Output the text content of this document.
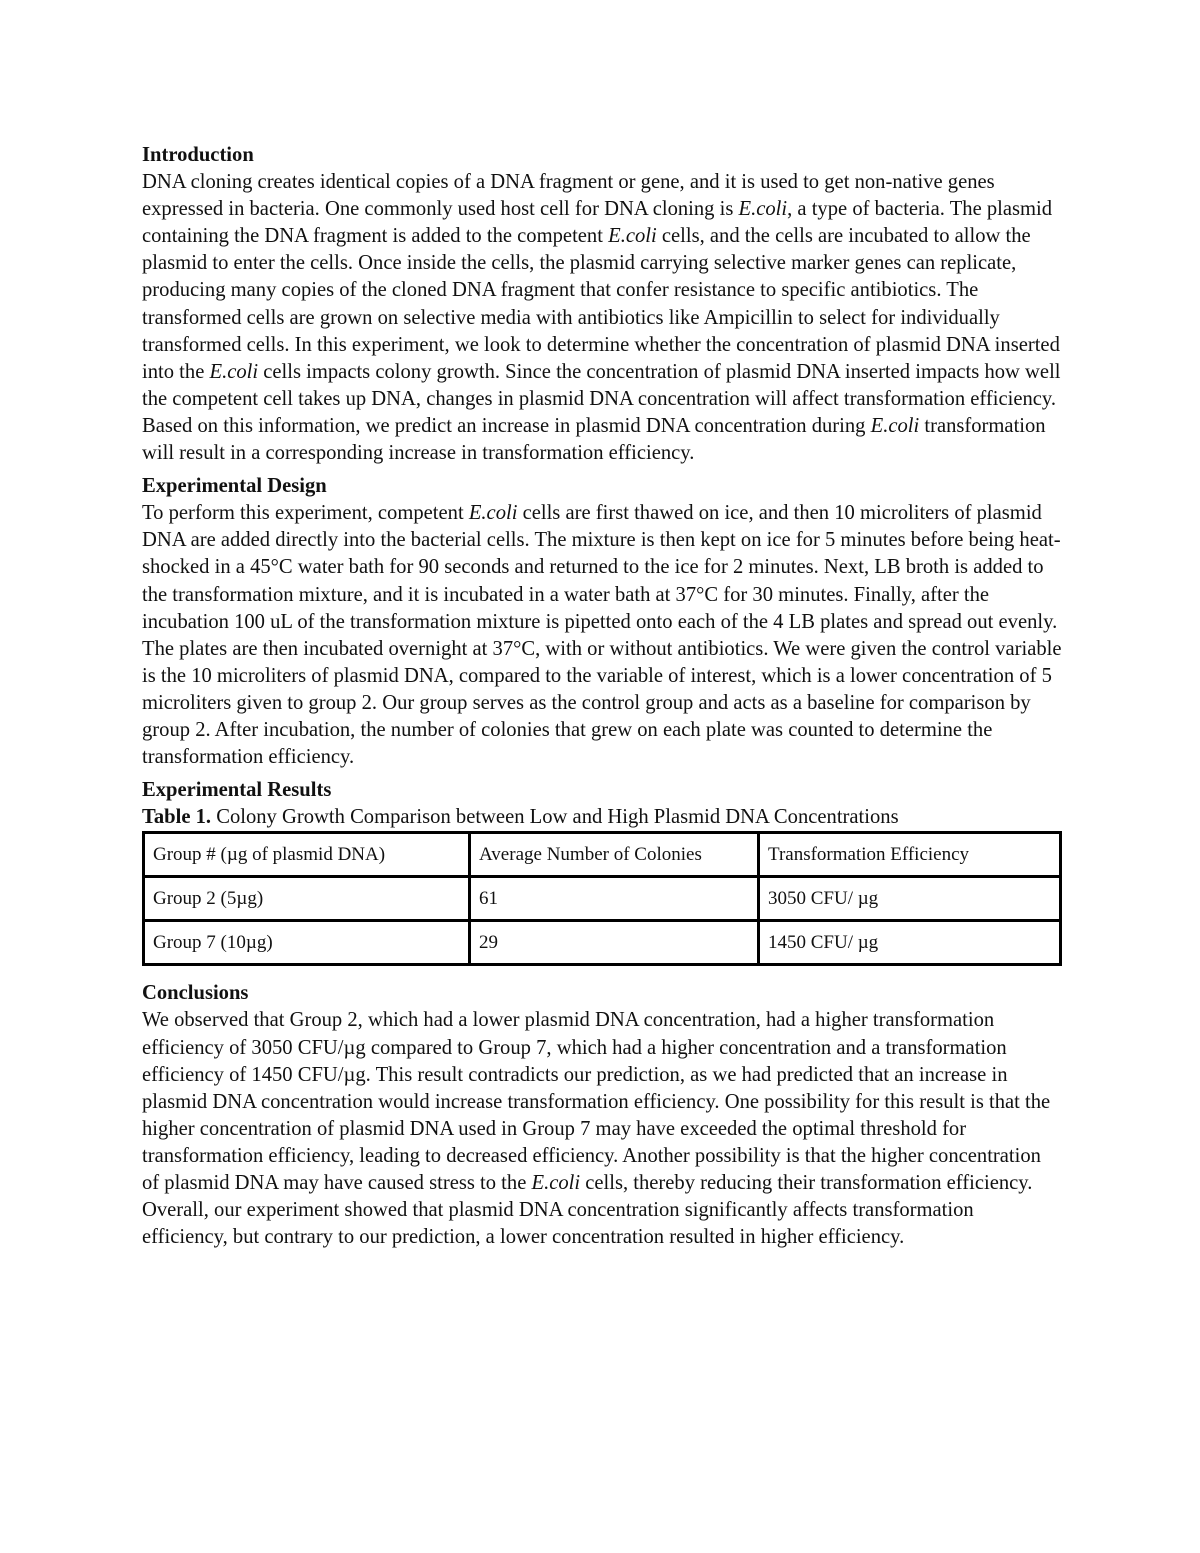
Introduction

DNA cloning creates identical copies of a DNA fragment or gene, and it is used to get non-native genes expressed in bacteria. One commonly used host cell for DNA cloning is E.coli, a type of bacteria. The plasmid containing the DNA fragment is added to the competent E.coli cells, and the cells are incubated to allow the plasmid to enter the cells. Once inside the cells, the plasmid carrying selective marker genes can replicate, producing many copies of the cloned DNA fragment that confer resistance to specific antibiotics. The transformed cells are grown on selective media with antibiotics like Ampicillin to select for individually transformed cells. In this experiment, we look to determine whether the concentration of plasmid DNA inserted into the E.coli cells impacts colony growth. Since the concentration of plasmid DNA inserted impacts how well the competent cell takes up DNA, changes in plasmid DNA concentration will affect transformation efficiency. Based on this information, we predict an increase in plasmid DNA concentration during E.coli transformation will result in a corresponding increase in transformation efficiency.

Experimental Design

To perform this experiment, competent E.coli cells are first thawed on ice, and then 10 microliters of plasmid DNA are added directly into the bacterial cells. The mixture is then kept on ice for 5 minutes before being heat-shocked in a 45°C water bath for 90 seconds and returned to the ice for 2 minutes. Next, LB broth is added to the transformation mixture, and it is incubated in a water bath at 37°C for 30 minutes. Finally, after the incubation 100 uL of the transformation mixture is pipetted onto each of the 4 LB plates and spread out evenly. The plates are then incubated overnight at 37°C, with or without antibiotics. We were given the control variable is the 10 microliters of plasmid DNA, compared to the variable of interest, which is a lower concentration of 5 microliters given to group 2. Our group serves as the control group and acts as a baseline for comparison by group 2. After incubation, the number of colonies that grew on each plate was counted to determine the transformation efficiency.

Experimental Results

Table 1. Colony Growth Comparison between Low and High Plasmid DNA Concentrations

Group # (µg of plasmid DNA)	Average Number of Colonies	Transformation Efficiency
Group 2 (5µg)	61	3050 CFU/ µg
Group 7 (10µg)	29	1450 CFU/ µg

Conclusions

We observed that Group 2, which had a lower plasmid DNA concentration, had a higher transformation efficiency of 3050 CFU/µg compared to Group 7, which had a higher concentration and a transformation efficiency of 1450 CFU/µg. This result contradicts our prediction, as we had predicted that an increase in plasmid DNA concentration would increase transformation efficiency. One possibility for this result is that the higher concentration of plasmid DNA used in Group 7 may have exceeded the optimal threshold for transformation efficiency, leading to decreased efficiency. Another possibility is that the higher concentration of plasmid DNA may have caused stress to the E.coli cells, thereby reducing their transformation efficiency. Overall, our experiment showed that plasmid DNA concentration significantly affects transformation efficiency, but contrary to our prediction, a lower concentration resulted in higher efficiency.
